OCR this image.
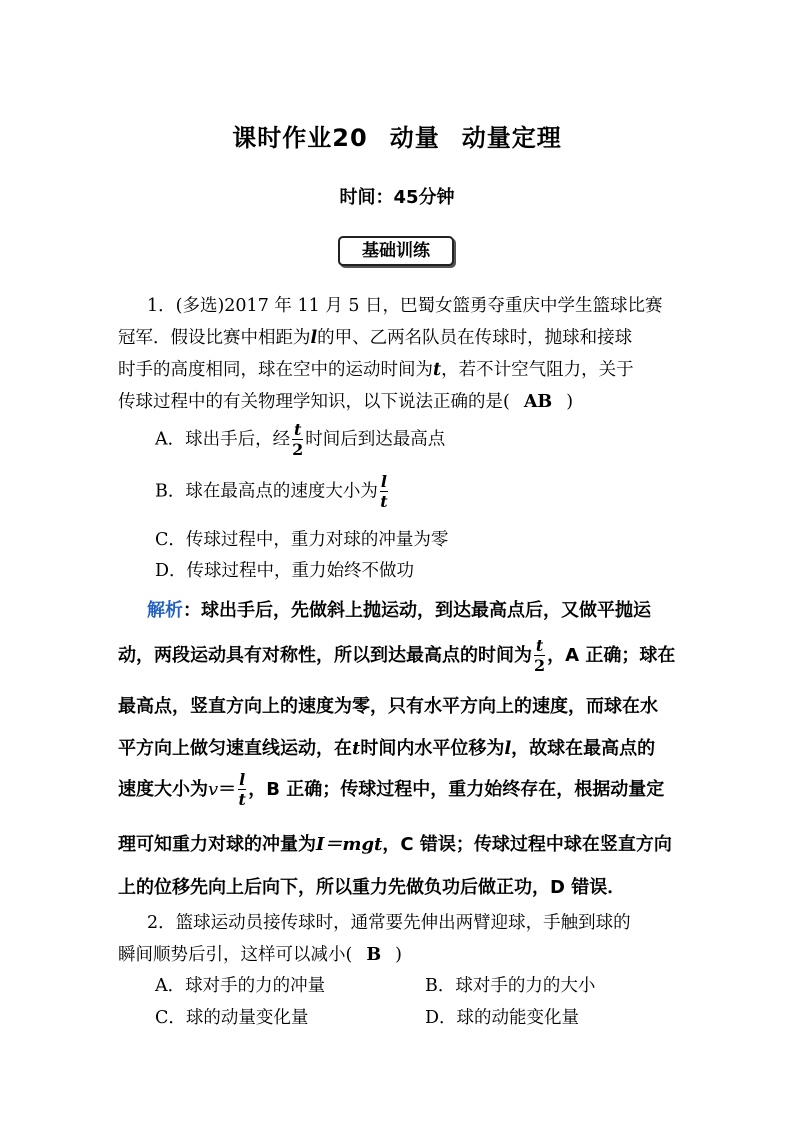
课时作业20 动量 动量定理
时间：45分钟
基础训练
1．(多选)2017 年 11 月 5 日，巴蜀女篮勇夺重庆中学生篮球比赛
冠军．假设比赛中相距为l的甲、乙两名队员在传球时，抛球和接球
时手的高度相同，球在空中的运动时间为t，若不计空气阻力，关于
传球过程中的有关物理学知识，以下说法正确的是( AB )
A．球出手后，经 $\frac{t}{2}$ 时间后到达最高点
B．球在最高点的速度大小为 $\frac{l}{t}$
C．传球过程中，重力对球的冲量为零
D．传球过程中，重力始终不做功
解析：球出手后，先做斜上抛运动，到达最高点后，又做平抛运
动，两段运动具有对称性，所以到达最高点的时间为 $\frac{t}{2}$ ，A 正确；球在
最高点，竖直方向上的速度为零，只有水平方向上的速度，而球在水
平方向上做匀速直线运动，在t时间内水平位移为l，故球在最高点的
速度大小为$v= \frac{l}{t}$ ，B 正确；传球过程中，重力始终存在，根据动量定
理可知重力对球的冲量为I＝mgt，C 错误；传球过程中球在竖直方向
上的位移先向上后向下，所以重力先做负功后做正功，D 错误．
2．篮球运动员接传球时，通常要先伸出两臂迎球，手触到球的
瞬间顺势后引，这样可以减小( B )
A．球对手的力的冲量	B．球对手的力的大小
C．球的动量变化量	D．球的动能变化量
